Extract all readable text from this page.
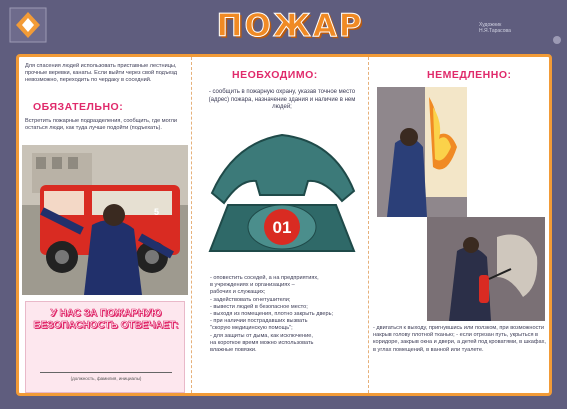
ПОЖАР	Художник
Н.Я.Тарасова
Для спасения людей использовать приставные лестницы, прочные веревки, канаты. Если выйти через свой подъезд невозможно, переходить по чердаку в соседний.
ОБЯЗАТЕЛЬНО:
Встретить пожарные подразделения, сообщить, где могли остаться люди, как туда лучше подойти (подъехать).
5
У НАС ЗА ПОЖАРНУЮ БЕЗОПАСНОСТЬ ОТВЕЧАЕТ:
(должность, фамилия, инициалы)
НЕОБХОДИМО:
- сообщить в пожарную охрану, указав точное место (адрес) пожара, назначение здания и наличие в нем людей;
01
- оповестить соседей, а на предприятиях,
в учреждениях и организациях –
рабочих и служащих;
- задействовать огнетушители;
- вывести людей в безопасное место;
- выходя из помещения, плотно закрыть дверь;
- при наличии пострадавших вызвать
"скорую медицинскую помощь";
- для защиты от дыма, как исключение,
на короткое время можно использовать
влажные повязки.
НЕМЕДЛЕННО:
- двигаться к выходу, пригнувшись или ползком, при возможности накрыв голову плотной тканью; - если отрезан путь, укрыться в коридоре, закрыв окна и двери, а детей под кроватями, в шкафах, в углах помещений, в ванной или туалете.
